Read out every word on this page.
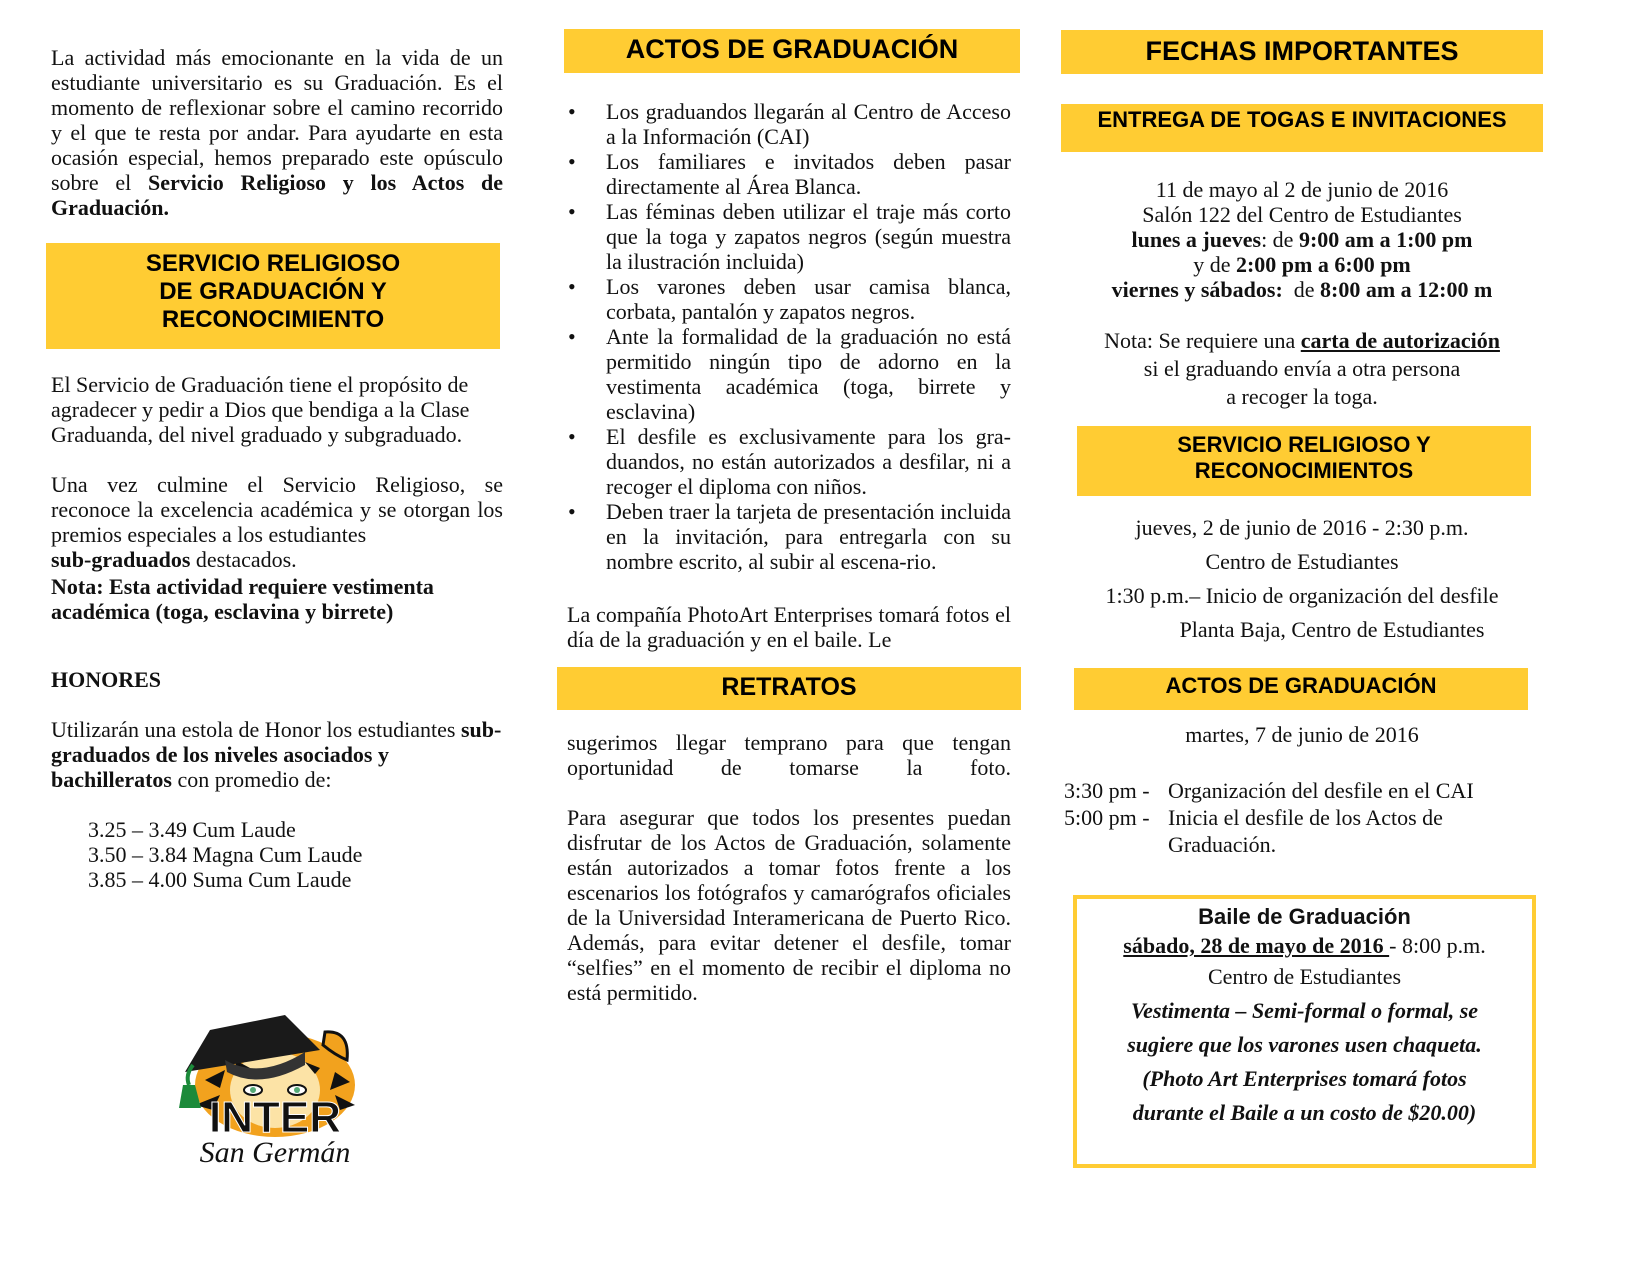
La actividad más emocionante en la vida de un estudiante universitario es su Graduación. Es el momento de reflexionar sobre el camino recorrido y el que te resta por andar. Para ayudarte en esta ocasión especial, hemos preparado este opúsculo sobre el Servicio Religioso y los Actos de Graduación.

SERVICIO RELIGIOSO
DE GRADUACIÓN Y
RECONOCIMIENTO

El Servicio de Graduación tiene el propósito de agradecer y pedir a Dios que bendiga a la Clase Graduanda, del nivel graduado y subgraduado.

Una vez culmine el Servicio Religioso, se reconoce la excelencia académica y se otorgan los premios especiales a los estudiantes
sub-graduados destacados.

Nota: Esta actividad requiere vestimenta académica (toga, esclavina y birrete)

HONORES

Utilizarán una estola de Honor los estudiantes sub-graduados de los niveles asociados y bachilleratos con promedio de:

3.25 – 3.49 Cum Laude
3.50 – 3.84 Magna Cum Laude
3.85 – 4.00 Suma Cum Laude
INTER
San Germán
ACTOS DE GRADUACIÓN
• Los graduandos llegarán al Centro de Acceso a la Información (CAI)
• Los familiares e invitados deben pasar directamente al Área Blanca.
• Las féminas deben utilizar el traje más corto que la toga y zapatos negros (según muestra la ilustración incluida)
• Los varones deben usar camisa blanca, corbata, pantalón y zapatos negros.
• Ante la formalidad de la graduación no está permitido ningún tipo de adorno en la vestimenta académica (toga, birrete y esclavina)
• El desfile es exclusivamente para los gra-duandos, no están autorizados a desfilar, ni a recoger el diploma con niños.
• Deben traer la tarjeta de presentación incluida en la invitación, para entregarla con su nombre escrito, al subir al escena-rio.

La compañía PhotoArt Enterprises tomará fotos el día de la graduación y en el baile. Le

RETRATOS

sugerimos llegar temprano para que tengan oportunidad de tomarse la foto.

Para asegurar que todos los presentes puedan disfrutar de los Actos de Graduación, solamente están autorizados a tomar fotos frente a los escenarios los fotógrafos y camarógrafos oficiales de la Universidad Interamericana de Puerto Rico. Además, para evitar detener el desfile, tomar “selfies” en el momento de recibir el diploma no está permitido.

FECHAS IMPORTANTES
ENTREGA DE TOGAS E INVITACIONES
11 de mayo al 2 de junio de 2016
Salón 122 del Centro de Estudiantes
lunes a jueves: de 9:00 am a 1:00 pm
y de 2:00 pm a 6:00 pm
viernes y sábados:  de 8:00 am a 12:00 m
Nota: Se requiere una carta de autorización
si el graduando envía a otra persona
a recoger la toga.
SERVICIO RELIGIOSO Y
RECONOCIMIENTOS
jueves, 2 de junio de 2016 - 2:30 p.m.
Centro de Estudiantes
1:30 p.m.– Inicio de organización del desfile
Planta Baja, Centro de Estudiantes
ACTOS DE GRADUACIÓN
martes, 7 de junio de 2016
3:30 pm - Organización del desfile en el CAI
5:00 pm - Inicia el desfile de los Actos de Graduación.
Baile de Graduación
sábado, 28 de mayo de 2016 - 8:00 p.m.
Centro de Estudiantes
Vestimenta – Semi-formal o formal, se sugiere que los varones usen chaqueta.
(Photo Art Enterprises tomará fotos durante el Baile a un costo de $20.00)
